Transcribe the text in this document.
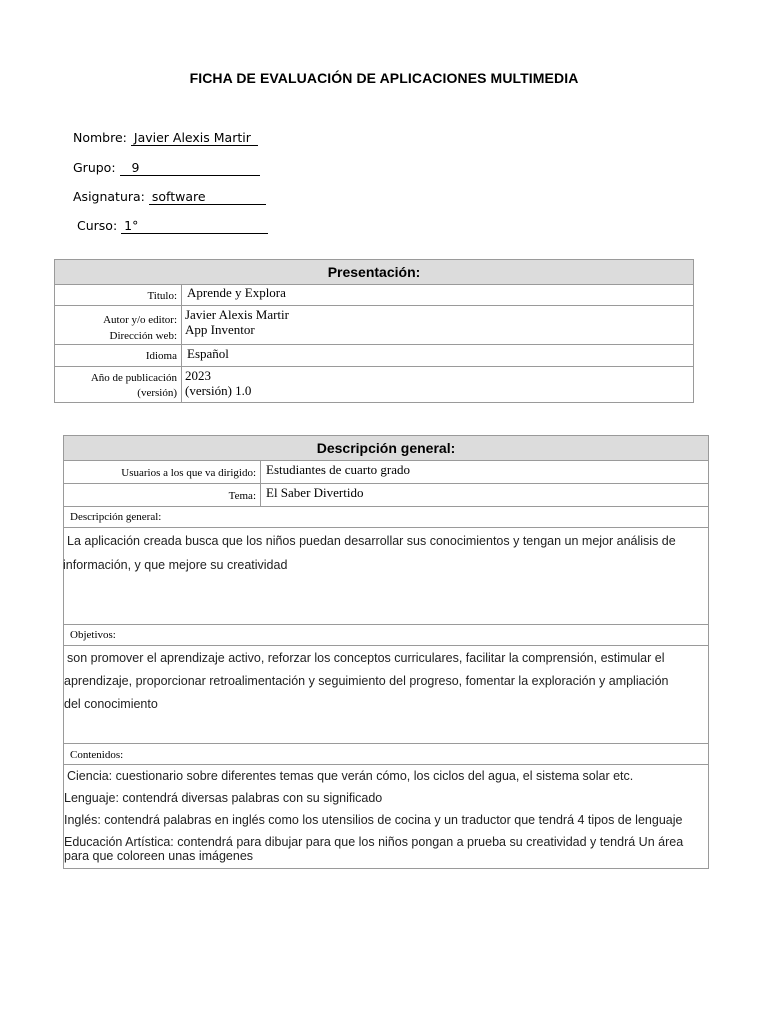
FICHA DE EVALUACIÓN DE APLICACIONES MULTIMEDIA
Nombre: Javier Alexis Martir
Grupo: 9
Asignatura: software
Curso: 1°
Presentación:
Titulo: Aprende y Explora
Autor y/o editor:
Dirección web:
Javier Alexis Martir
App Inventor
Idioma Español
Año de publicación
(versión)
2023
(versión) 1.0
Descripción general:
Usuarios a los que va dirigido: Estudiantes de cuarto grado
Tema: El Saber Divertido
Descripción general:
La aplicación creada busca que los niños puedan desarrollar sus conocimientos y tengan un mejor análisis de
información, y que mejore su creatividad
Objetivos:
son promover el aprendizaje activo, reforzar los conceptos curriculares, facilitar la comprensión, estimular el
aprendizaje, proporcionar retroalimentación y seguimiento del progreso, fomentar la exploración y ampliación
del conocimiento
Contenidos:
Ciencia: cuestionario sobre diferentes temas que verán cómo, los ciclos del agua, el sistema solar etc.
Lenguaje: contendrá diversas palabras con su significado
Inglés: contendrá palabras en inglés como los utensilios de cocina y un traductor que tendrá 4 tipos de lenguaje
Educación Artística: contendrá para dibujar para que los niños pongan a prueba su creatividad y tendrá Un área
para que coloreen unas imágenes
